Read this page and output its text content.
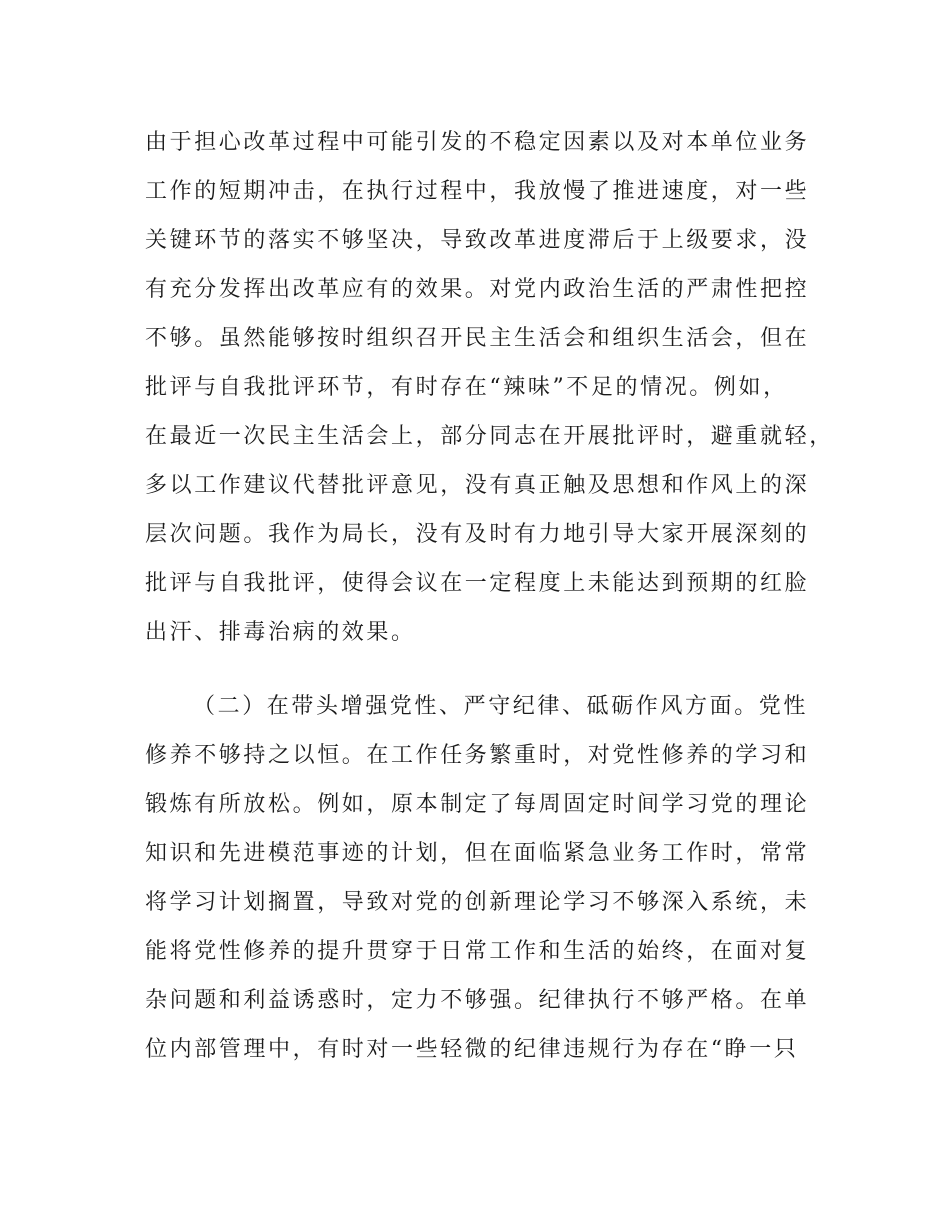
由于担心改革过程中可能引发的不稳定因素以及对本单位业务
工作的短期冲击，在执行过程中，我放慢了推进速度，对一些
关键环节的落实不够坚决，导致改革进度滞后于上级要求，没
有充分发挥出改革应有的效果。对党内政治生活的严肃性把控
不够。虽然能够按时组织召开民主生活会和组织生活会，但在
批评与自我批评环节，有时存在“辣味”不足的情况。例如，
在最近一次民主生活会上，部分同志在开展批评时，避重就轻，
多以工作建议代替批评意见，没有真正触及思想和作风上的深
层次问题。我作为局长，没有及时有力地引导大家开展深刻的
批评与自我批评，使得会议在一定程度上未能达到预期的红脸
出汗、排毒治病的效果。
（二）在带头增强党性、严守纪律、砥砺作风方面。党性
修养不够持之以恒。在工作任务繁重时，对党性修养的学习和
锻炼有所放松。例如，原本制定了每周固定时间学习党的理论
知识和先进模范事迹的计划，但在面临紧急业务工作时，常常
将学习计划搁置，导致对党的创新理论学习不够深入系统，未
能将党性修养的提升贯穿于日常工作和生活的始终，在面对复
杂问题和利益诱惑时，定力不够强。纪律执行不够严格。在单
位内部管理中，有时对一些轻微的纪律违规行为存在“睁一只
